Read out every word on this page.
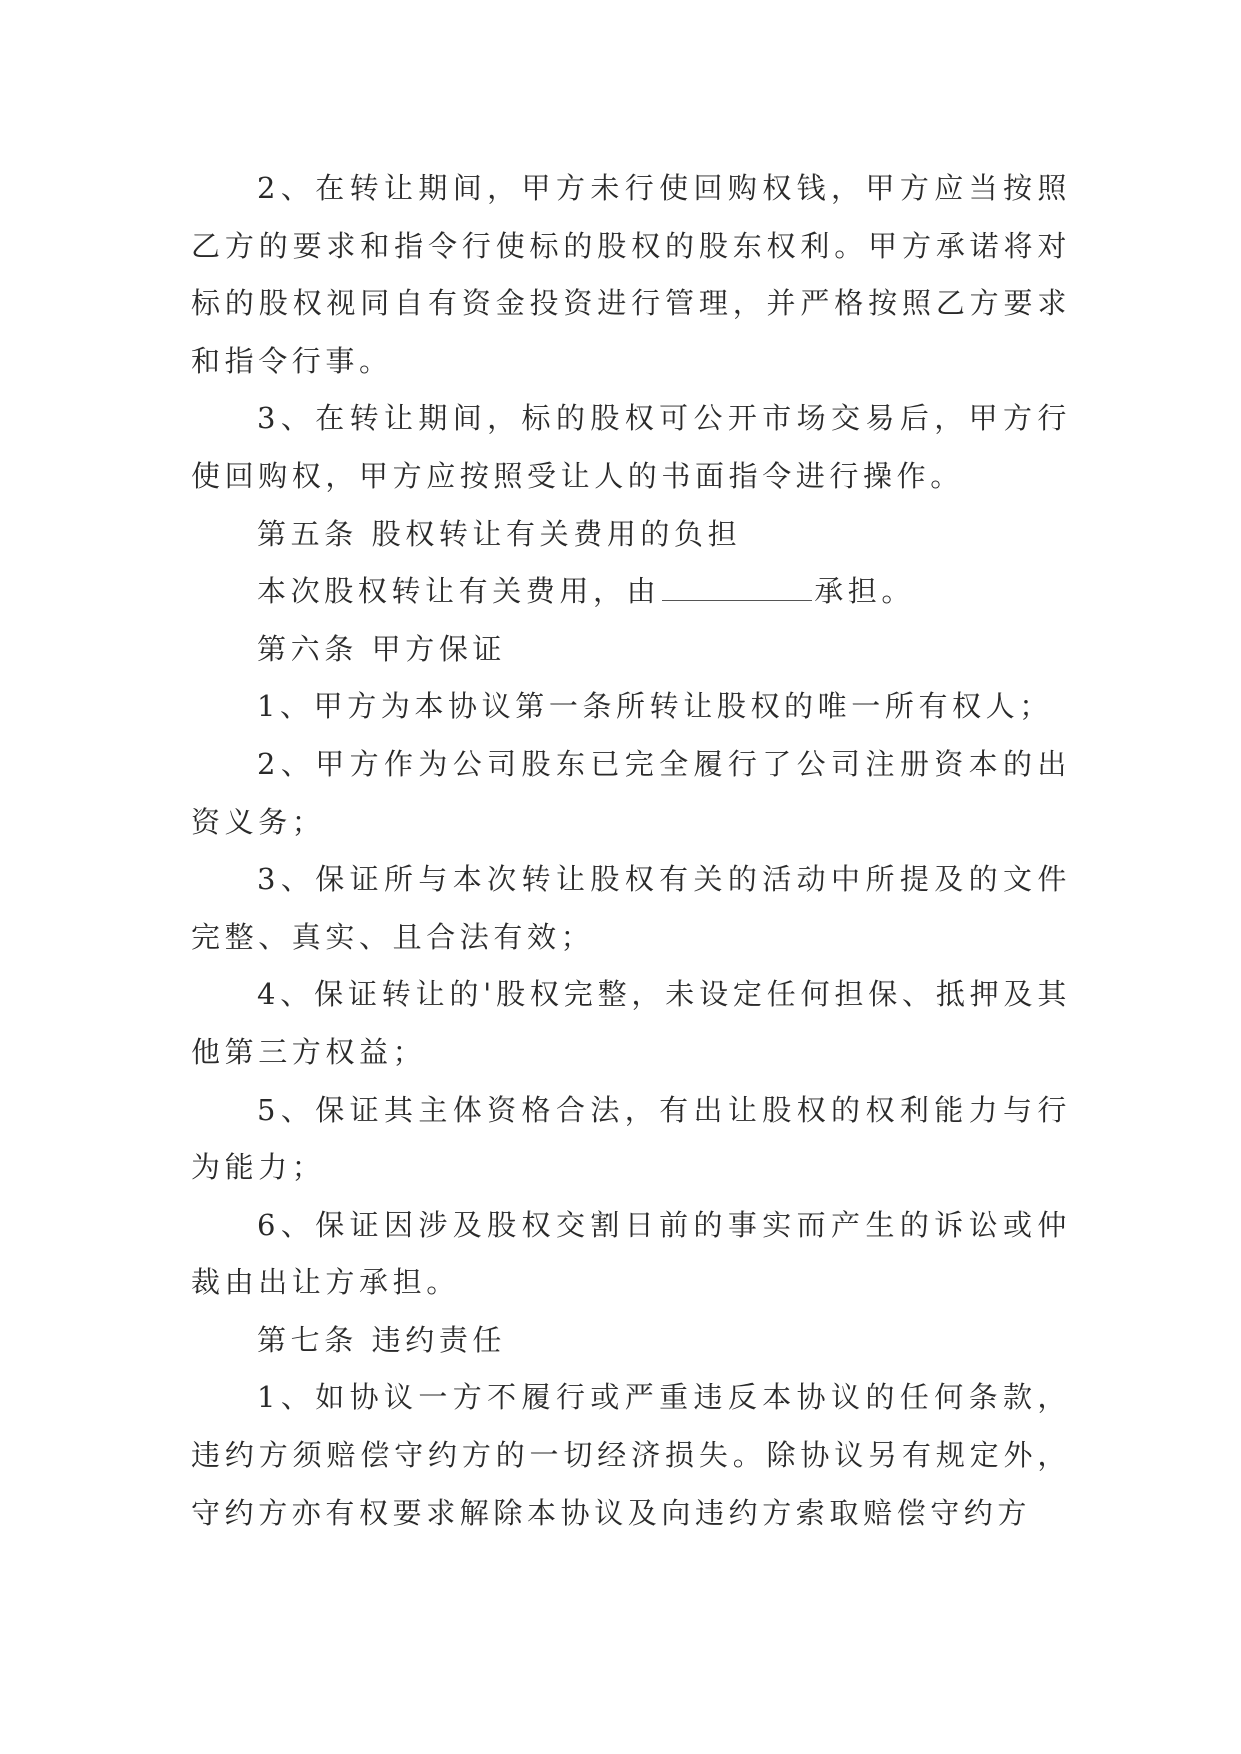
2、在转让期间，甲方未行使回购权钱，甲方应当按照乙方的要求和指令行使标的股权的股东权利。甲方承诺将对标的股权视同自有资金投资进行管理，并严格按照乙方要求和指令行事。

3、在转让期间，标的股权可公开市场交易后，甲方行使回购权，甲方应按照受让人的书面指令进行操作。

第五条 股权转让有关费用的负担

本次股权转让有关费用，由	承担。

第六条 甲方保证

1、甲方为本协议第一条所转让股权的唯一所有权人；

2、甲方作为公司股东已完全履行了公司注册资本的出资义务；

3、保证所与本次转让股权有关的活动中所提及的文件完整、真实、且合法有效；

4、保证转让的'股权完整，未设定任何担保、抵押及其他第三方权益；

5、保证其主体资格合法，有出让股权的权利能力与行为能力；

6、保证因涉及股权交割日前的事实而产生的诉讼或仲裁由出让方承担。

第七条 违约责任

1、如协议一方不履行或严重违反本协议的任何条款，违约方须赔偿守约方的一切经济损失。除协议另有规定外，守约方亦有权要求解除本协议及向违约方索取赔偿守约方
